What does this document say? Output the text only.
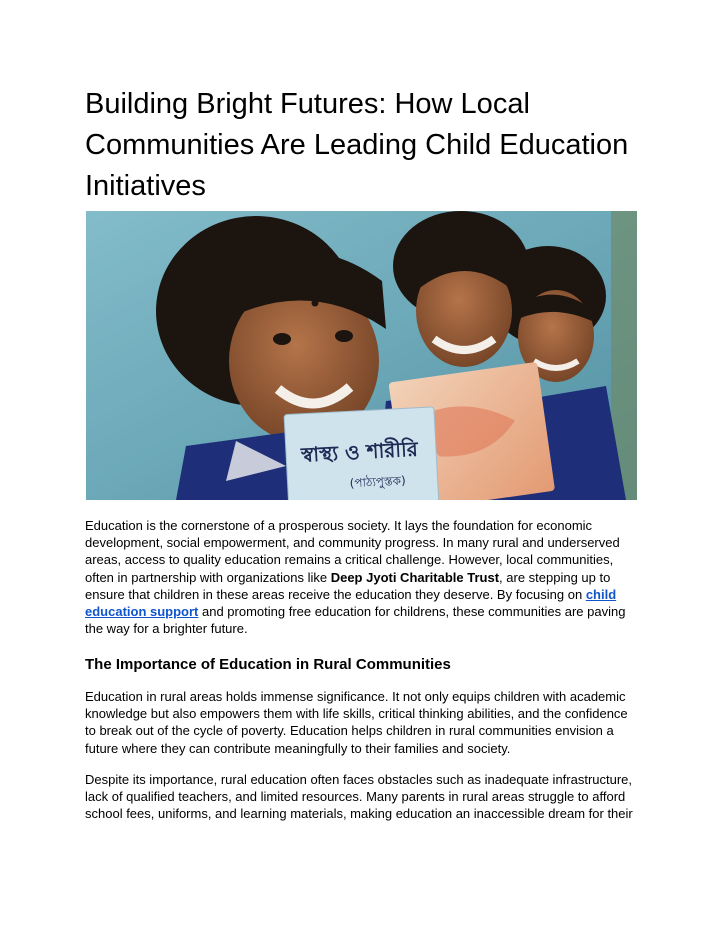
Building Bright Futures: How Local Communities Are Leading Child Education Initiatives
স্বাস্থ্য ও শারীরি
(পাঠ্যপুস্তক)

Education is the cornerstone of a prosperous society. It lays the foundation for economic development, social empowerment, and community progress. In many rural and underserved areas, access to quality education remains a critical challenge. However, local communities, often in partnership with organizations like Deep Jyoti Charitable Trust, are stepping up to ensure that children in these areas receive the education they deserve. By focusing on child education support and promoting free education for childrens, these communities are paving the way for a brighter future.

The Importance of Education in Rural Communities

Education in rural areas holds immense significance. It not only equips children with academic knowledge but also empowers them with life skills, critical thinking abilities, and the confidence to break out of the cycle of poverty. Education helps children in rural communities envision a future where they can contribute meaningfully to their families and society.

Despite its importance, rural education often faces obstacles such as inadequate infrastructure, lack of qualified teachers, and limited resources. Many parents in rural areas struggle to afford school fees, uniforms, and learning materials, making education an inaccessible dream for their
